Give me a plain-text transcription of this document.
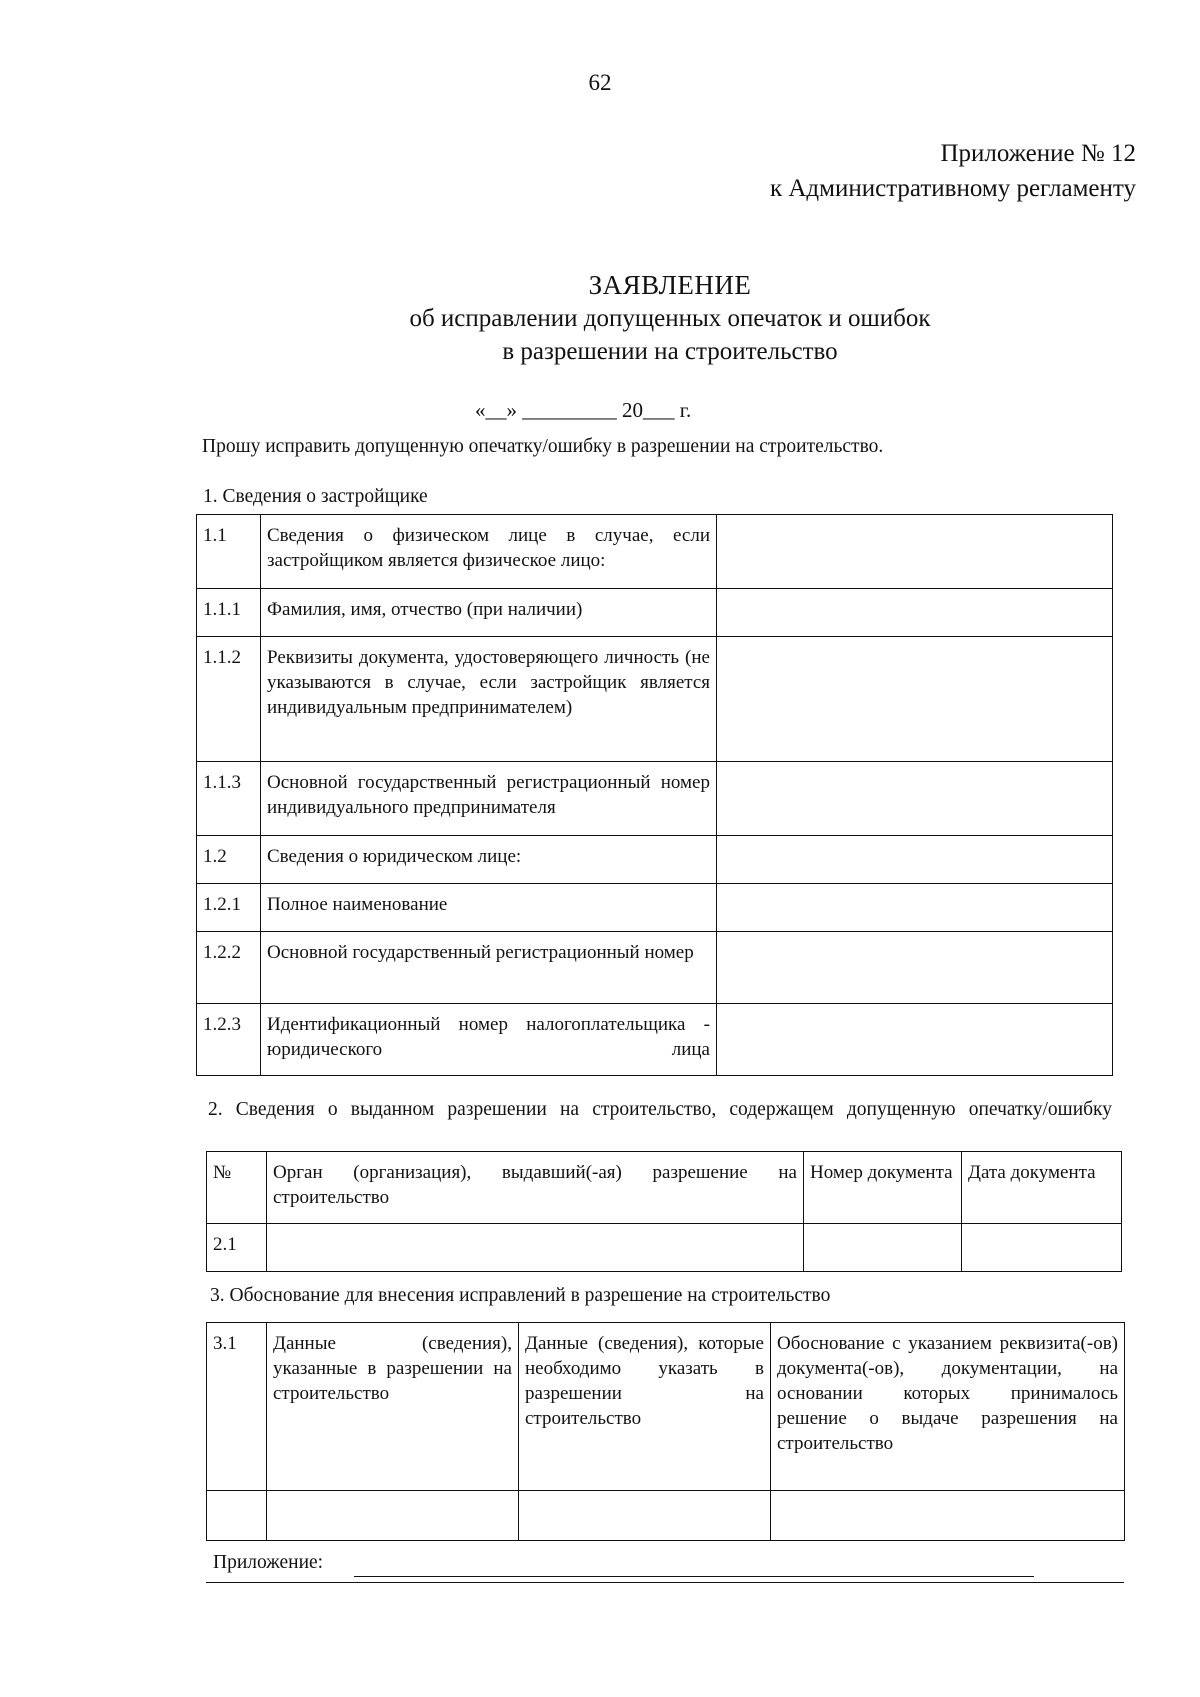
62
Приложение № 12
к Административному регламенту
ЗАЯВЛЕНИЕ
об исправлении допущенных опечаток и ошибок
в разрешении на строительство
«__» _________ 20___ г.
Прошу исправить допущенную опечатку/ошибку в разрешении на строительство.
1. Сведения о застройщике
1.1	Сведения о физическом лице в случае, если застройщиком является физическое лицо:	
1.1.1	Фамилия, имя, отчество (при наличии)	
1.1.2	Реквизиты документа, удостоверяющего личность (не указываются в случае, если застройщик является индивидуальным предпринимателем)	
1.1.3	Основной государственный регистрационный номер индивидуального предпринимателя	
1.2	Сведения о юридическом лице:	
1.2.1	Полное наименование	
1.2.2	Основной государственный регистрационный номер	
1.2.3	Идентификационный номер налогоплательщика - юридического лица	
2. Сведения о выданном разрешении на строительство, содержащем допущенную опечатку/ошибку
№	Орган (организация), выдавший(-ая) разрешение на строительство	Номер документа	Дата документа
2.1			
3. Обоснование для внесения исправлений в разрешение на строительство
3.1	Данные (сведения), указанные в разрешении на строительство	Данные (сведения), которые необходимо указать в разрешении на строительство	Обоснование с указанием реквизита(-ов) документа(-ов), документации, на основании которых принималось решение о выдаче разрешения на строительство

Приложение:
